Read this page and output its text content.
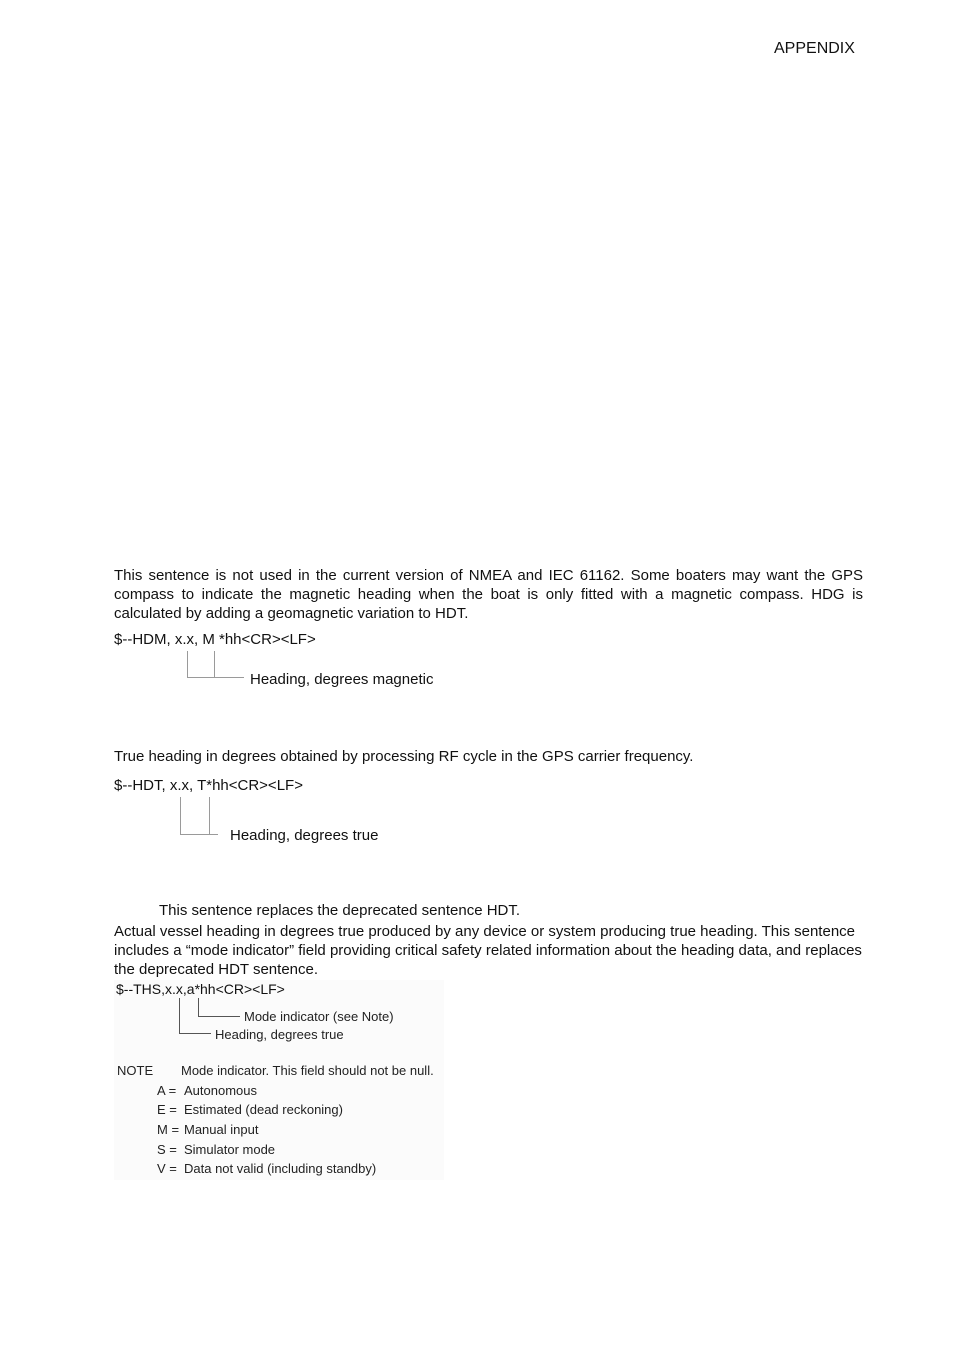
APPENDIX
This sentence is not used in the current version of NMEA and IEC 61162. Some boaters may want the GPS compass to indicate the magnetic heading when the boat is only fitted with a magnetic compass. HDG is calculated by adding a geomagnetic variation to HDT.
$--HDM, x.x, M *hh<CR><LF>
Heading, degrees magnetic
True heading in degrees obtained by processing RF cycle in the GPS carrier frequency.
$--HDT, x.x, T*hh<CR><LF>
Heading, degrees true
This sentence replaces the deprecated sentence HDT.
Actual vessel heading in degrees true produced by any device or system producing true heading. This sentence includes a “mode indicator” field providing critical safety related information about the heading data, and replaces the deprecated HDT sentence.
$--THS,x.x,a*hh<CR><LF>
Mode indicator (see Note)
Heading, degrees true
NOTE Mode indicator. This field should not be null.
A = Autonomous
E = Estimated (dead reckoning)
M = Manual input
S = Simulator mode
V = Data not valid (including standby)
